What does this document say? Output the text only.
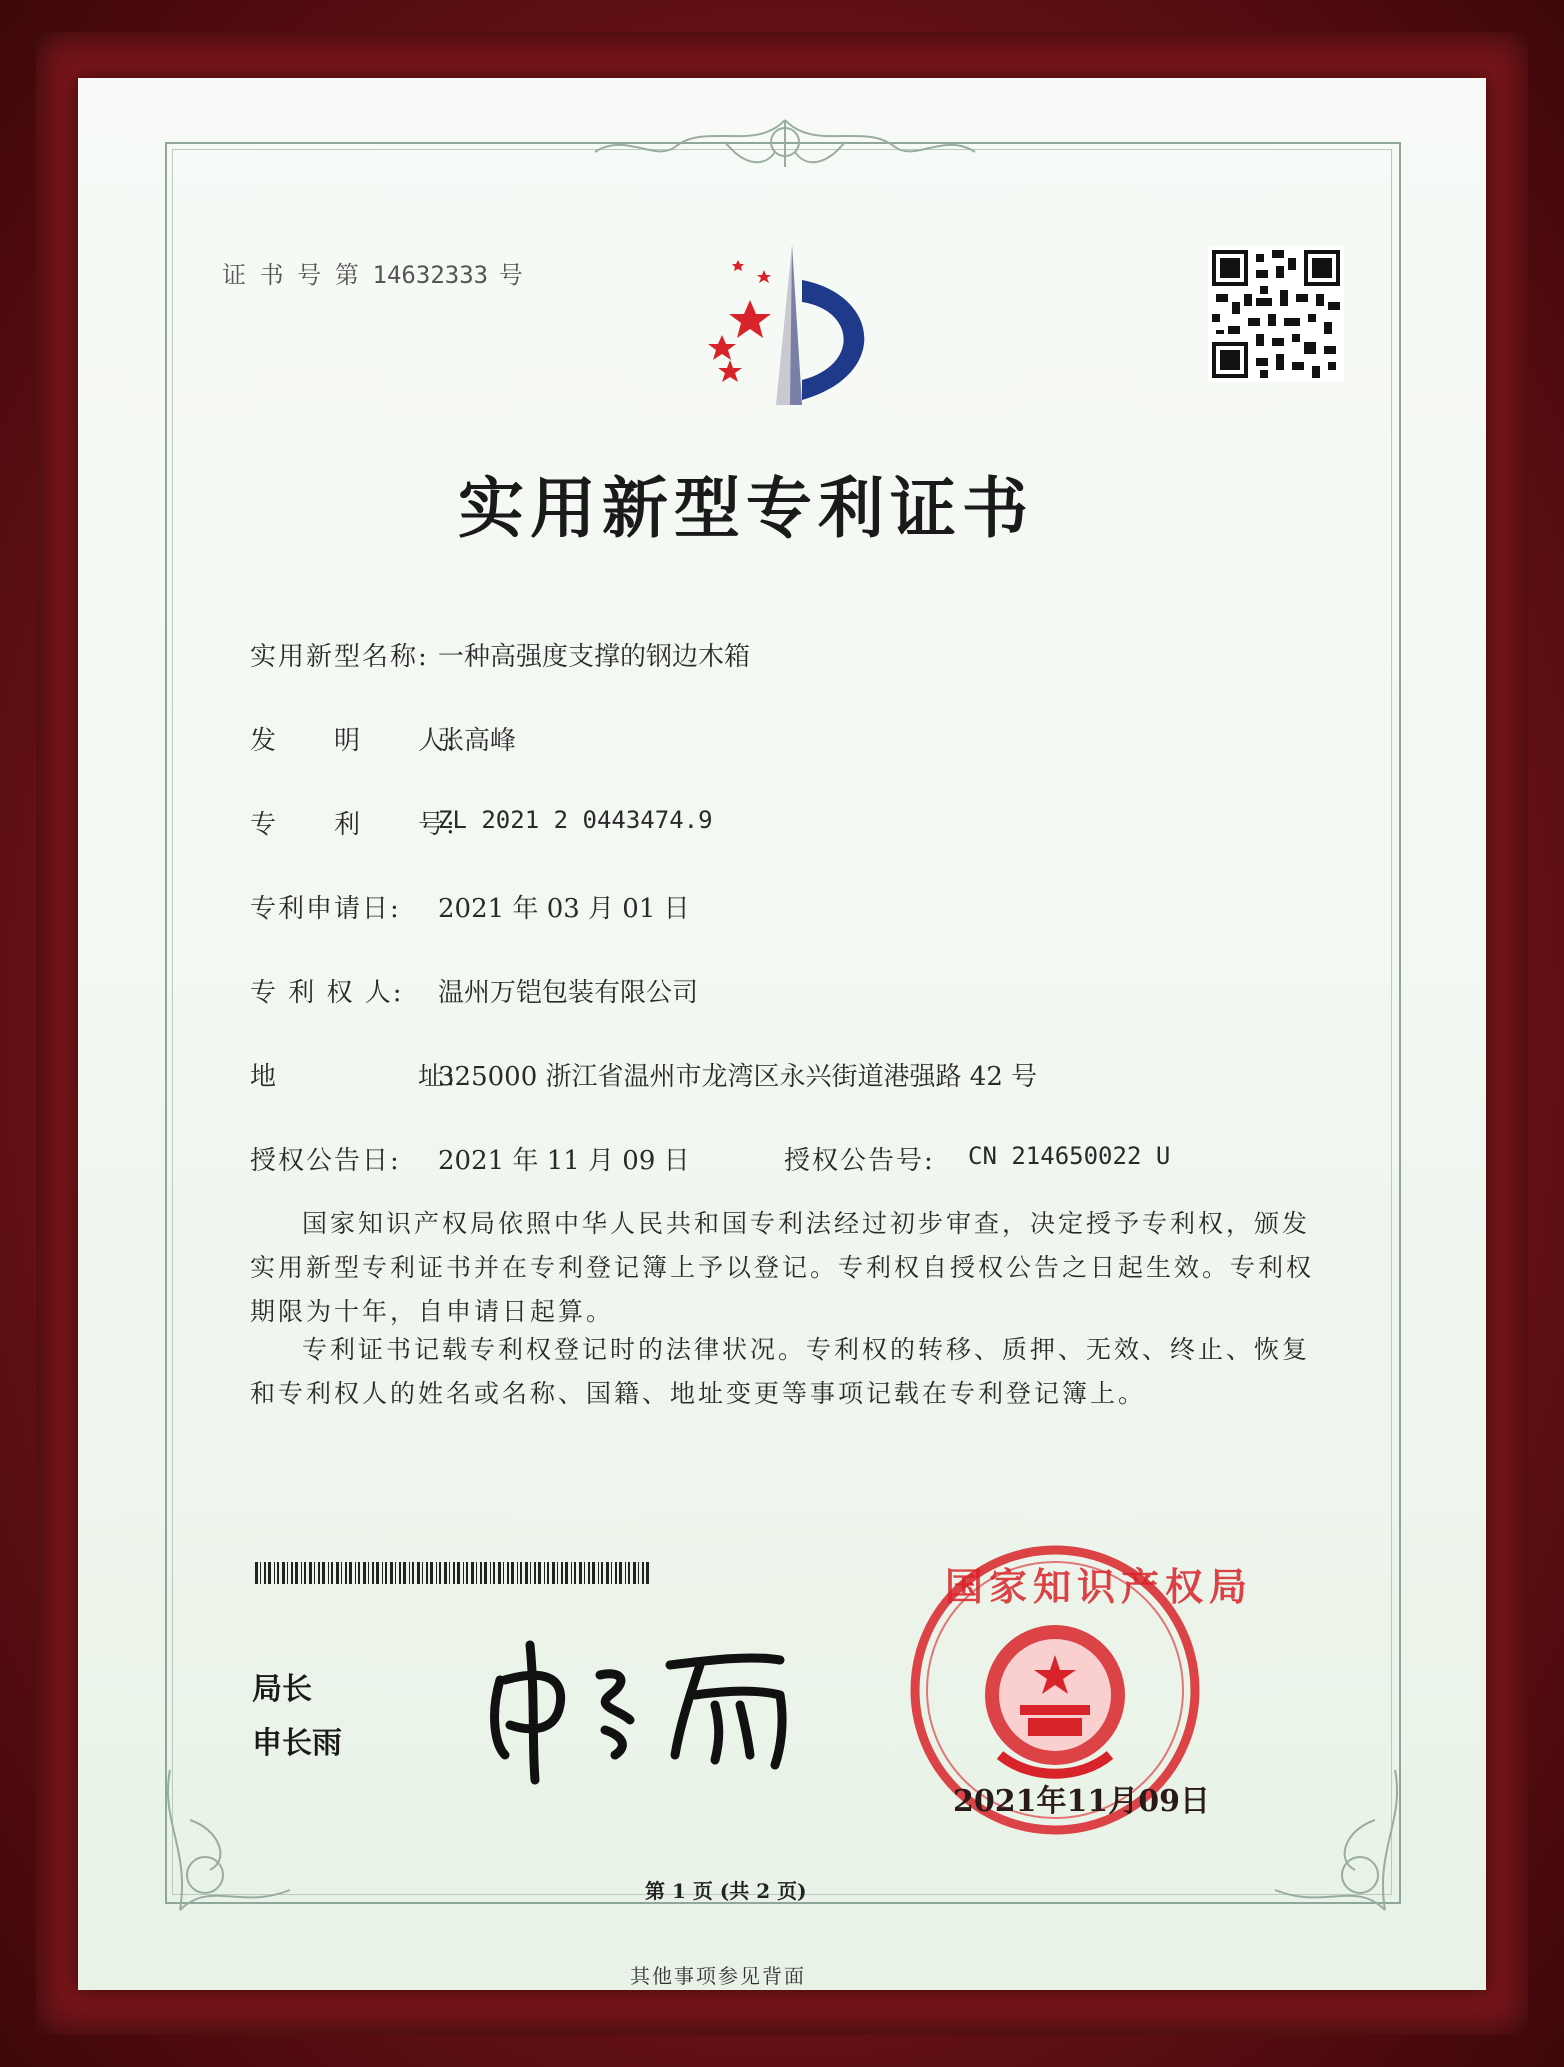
证 书 号 第 14632333 号
实用新型专利证书
实用新型名称: 一种高强度支撑的钢边木箱
发　　明　　人:
张高峰
专　　利　　号:
ZL 2021 2 0443474.9
专利申请日: 2021 年 03 月 01 日
专 利 权 人: 温州万铠包装有限公司
地　　　　　址:
325000 浙江省温州市龙湾区永兴街道港强路 42 号
授权公告日: 2021 年 11 月 09 日	授权公告号: CN 214650022 U
国家知识产权局依照中华人民共和国专利法经过初步审查，决定授予专利权，颁发实用新型专利证书并在专利登记簿上予以登记。专利权自授权公告之日起生效。专利权期限为十年，自申请日起算。
专利证书记载专利权登记时的法律状况。专利权的转移、质押、无效、终止、恢复和专利权人的姓名或名称、国籍、地址变更等事项记载在专利登记簿上。
局长
申长雨
国家知识产权局
2021年11月09日
第 1 页 (共 2 页)
其他事项参见背面
